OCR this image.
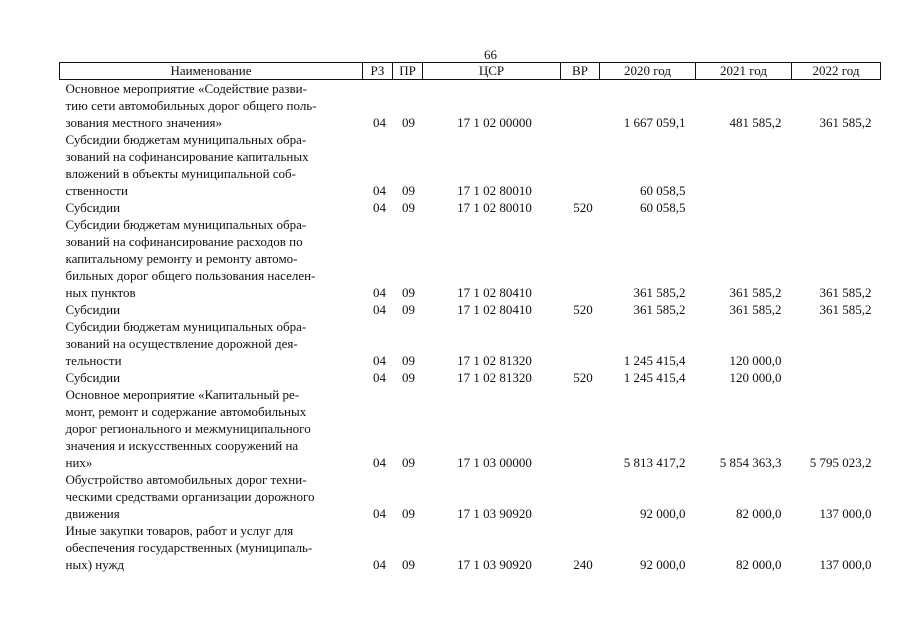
66
Наименование	РЗ	ПР	ЦСР	ВР	2020 год	2021 год	2022 год

Основное мероприятие «Содействие разви-
тию сети автомобильных дорог общего поль-
зования местного значения»	04	09	17 1 02 00000		1 667 059,1	481 585,2	361 585,2

Субсидии бюджетам муниципальных обра-
зований на софинансирование капитальных
вложений в объекты муниципальной соб-
ственности	04	09	17 1 02 80010		60 058,5		

Субсидии	04	09	17 1 02 80010	520	60 058,5		

Субсидии бюджетам муниципальных обра-
зований на софинансирование расходов по
капитальному ремонту и ремонту автомо-
бильных дорог общего пользования населен-
ных пунктов	04	09	17 1 02 80410		361 585,2	361 585,2	361 585,2

Субсидии	04	09	17 1 02 80410	520	361 585,2	361 585,2	361 585,2

Субсидии бюджетам муниципальных обра-
зований на осуществление дорожной дея-
тельности	04	09	17 1 02 81320		1 245 415,4	120 000,0	

Субсидии	04	09	17 1 02 81320	520	1 245 415,4	120 000,0	

Основное мероприятие «Капитальный ре-
монт, ремонт и содержание автомобильных
дорог регионального и межмуниципального
значения и искусственных сооружений на
них»	04	09	17 1 03 00000		5 813 417,2	5 854 363,3	5 795 023,2

Обустройство автомобильных дорог техни-
ческими средствами организации дорожного
движения	04	09	17 1 03 90920		92 000,0	82 000,0	137 000,0

Иные закупки товаров, работ и услуг для
обеспечения государственных (муниципаль-
ных) нужд	04	09	17 1 03 90920	240	92 000,0	82 000,0	137 000,0
